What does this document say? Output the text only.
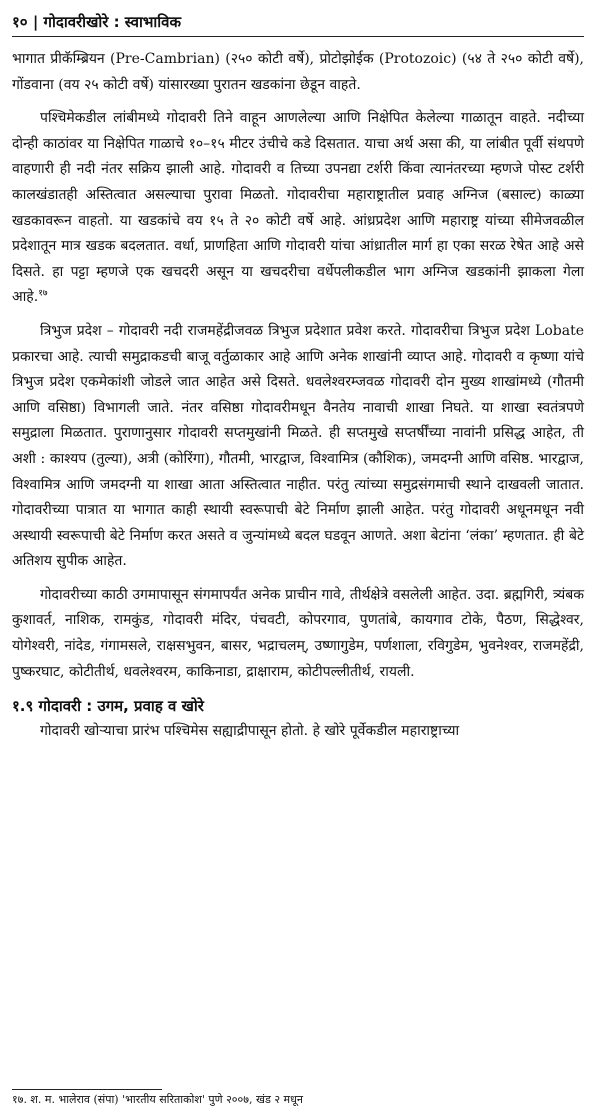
१० | गोदावरीखोरे : स्वाभाविक

भागात प्रीकॅम्ब्रियन (Pre-Cambrian) (२५० कोटी वर्षे), प्रोटोझोईक (Protozoic) (५४ ते २५० कोटी वर्षे), गोंडवाना (वय २५ कोटी वर्षे) यांसारख्या पुरातन खडकांना छेडून वाहते.

पश्चिमेकडील लांबीमध्ये गोदावरी तिने वाहून आणलेल्या आणि निक्षेपित केलेल्या गाळातून वाहते. नदीच्या दोन्ही काठांवर या निक्षेपित गाळाचे १०–१५ मीटर उंचीचे कडे दिसतात. याचा अर्थ असा की, या लांबीत पूर्वी संथपणे वाहणारी ही नदी नंतर सक्रिय झाली आहे. गोदावरी व तिच्या उपनद्या टर्शरी किंवा त्यानंतरच्या म्हणजे पोस्ट टर्शरी कालखंडातही अस्तित्वात असल्याचा पुरावा मिळतो. गोदावरीचा महाराष्ट्रातील प्रवाह अग्निज (बसाल्ट) काळ्या खडकावरून वाहतो. या खडकांचे वय १५ ते २० कोटी वर्षे आहे. आंध्रप्रदेश आणि महाराष्ट्र यांच्या सीमेजवळील प्रदेशातून मात्र खडक बदलतात. वर्धा, प्राणहिता आणि गोदावरी यांचा आंध्रातील मार्ग हा एका सरळ रेषेत आहे असे दिसते. हा पट्टा म्हणजे एक खचदरी असून या खचदरीचा वर्धेपलीकडील भाग अग्निज खडकांनी झाकला गेला आहे.$^{१७}$

त्रिभुज प्रदेश – गोदावरी नदी राजमहेंद्रीजवळ त्रिभुज प्रदेशात प्रवेश करते. गोदावरीचा त्रिभुज प्रदेश Lobate प्रकारचा आहे. त्याची समुद्राकडची बाजू वर्तुळाकार आहे आणि अनेक शाखांनी व्याप्त आहे. गोदावरी व कृष्णा यांचे त्रिभुज प्रदेश एकमेकांशी जोडले जात आहेत असे दिसते. धवलेश्वरम्जवळ गोदावरी दोन मुख्य शाखांमध्ये (गौतमी आणि वसिष्ठा) विभागली जाते. नंतर वसिष्ठा गोदावरीमधून वैनतेय नावाची शाखा निघते. या शाखा स्वतंत्रपणे समुद्राला मिळतात. पुराणानुसार गोदावरी सप्तमुखांनी मिळते. ही सप्तमुखे सप्तर्षींच्या नावांनी प्रसिद्ध आहेत, ती अशी : काश्यप (तुल्या), अत्री (कोरिंगा), गौतमी, भारद्वाज, विश्वामित्र (कौशिक), जमदग्नी आणि वसिष्ठ. भारद्वाज, विश्वामित्र आणि जमदग्नी या शाखा आता अस्तित्वात नाहीत. परंतु त्यांच्या समुद्रसंगमाची स्थाने दाखवली जातात. गोदावरीच्या पात्रात या भागात काही स्थायी स्वरूपाची बेटे निर्माण झाली आहेत. परंतु गोदावरी अधूनमधून नवी अस्थायी स्वरूपाची बेटे निर्माण करत असते व जुन्यांमध्ये बदल घडवून आणते. अशा बेटांना ‘लंका’ म्हणतात. ही बेटे अतिशय सुपीक आहेत.

गोदावरीच्या काठी उगमापासून संगमापर्यंत अनेक प्राचीन गावे, तीर्थक्षेत्रे वसलेली आहेत. उदा. ब्रह्मगिरी, त्र्यंबक कुशावर्त, नाशिक, रामकुंड, गोदावरी मंदिर, पंचवटी, कोपरगाव, पुणतांबे, कायगाव टोके, पैठण, सिद्धेश्वर, योगेश्वरी, नांदेड, गंगामसले, राक्षसभुवन, बासर, भद्राचलम्, उष्णागुडेम, पर्णशाला, रविगुडेम, भुवनेश्वर, राजमहेंद्री, पुष्करघाट, कोटीतीर्थ, धवलेश्वरम, काकिनाडा, द्राक्षाराम, कोटीपल्लीतीर्थ, रायली.

१.९ गोदावरी : उगम, प्रवाह व खोरे

गोदावरी खोऱ्याचा प्रारंभ पश्चिमेस सह्याद्रीपासून होतो. हे खोरे पूर्वेकडील महाराष्ट्राच्या

१७. श. म. भालेराव (संपा) 'भारतीय सरिताकोश' पुणे २००७, खंड २ मधून
